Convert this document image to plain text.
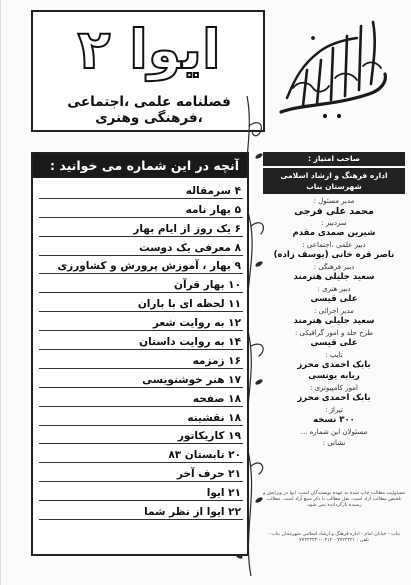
ایوا ۲
فصلنامه علمی ،اجتماعی ،فرهنگی وهنری
آنچه در این شماره می خوانید :
۴ سرمقاله
۵ بهار نامه
۶ یک روز از ایام بهار
۸ معرفی یک دوست
۹ بهار ، آموزش پرورش و کشاورزی
۱۰ بهار قرآن
۱۱ لحظه ای با باران
۱۲ به روایت شعر
۱۴ به روایت داستان
۱۶ زمزمه
۱۷ هنر خوشنویسی
۱۸ صفحه
۱۸ نقشینه
۱۹ کاریکاتور
۲۰ تابستان ۸۳
۲۱ حرف آخر
۲۱ ایوا
۲۲ ایوا از نظر شما
صاحب امتیاز :
اداره فرهنگ و ارشاد اسلامی شهرستان بناب
مدیر مسئول :
محمد علی فرجی
سردبیر :
شیرین صمدی مقدم
دبیر علمی ،اجتماعی :
ناصر قره خانی (یوسف زاده)
دبیر فرهنگی :
سعید جلیلی هنرمند
دبیر هنری :
علی قیسی
مدیر اجرائی :
سعید جلیلی هنرمند
طرح جلد و امور گرافیکی :
علی قیسی
تایپ :
بابک احمدی محرز
ربابه یونسی
امور کامپیوتری :
بابک احمدی محرز
تیراژ :
۳۰۰ نسخه
مسئولان این شماره ...
نشانی :
مسئولیت مطالب چاپ شده به عهده نویسندگان است. ایوا در ویرایش و تلخیص مطالب آزاد است. نقل مطالب با ذکر منبع آزاد است. مطالب رسیده بازگردانده نمی شود.
بناب - خیابان امام - اداره فرهنگ و ارشاد اسلامی شهرستان بناب - تلفن : ۷۷۲۴۴۲۱ - ۰۴۱۲ - ۷۷۲۴۴۲۲
